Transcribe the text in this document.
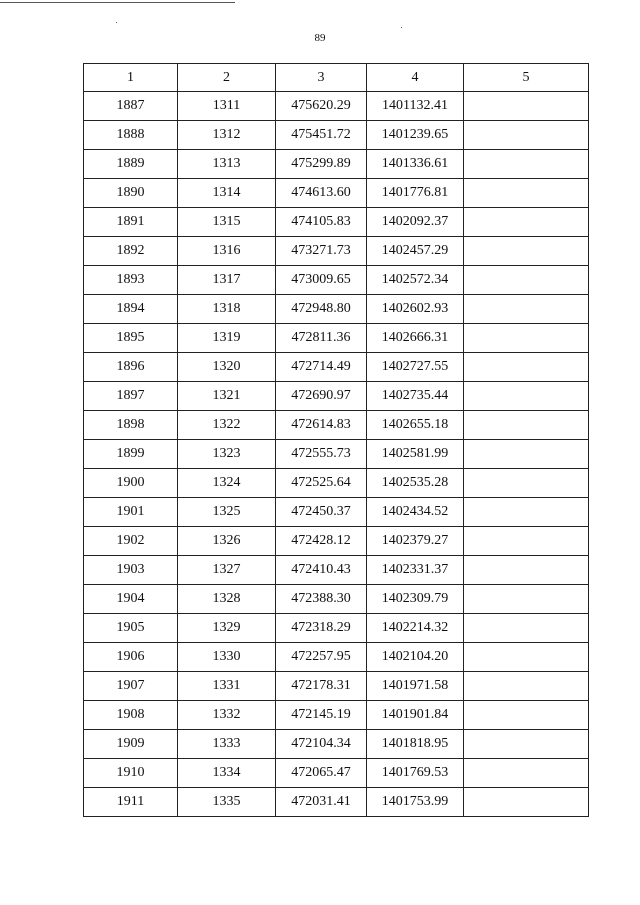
89
1	2	3	4	5
1887	1311	475620.29	1401132.41	
1888	1312	475451.72	1401239.65	
1889	1313	475299.89	1401336.61	
1890	1314	474613.60	1401776.81	
1891	1315	474105.83	1402092.37	
1892	1316	473271.73	1402457.29	
1893	1317	473009.65	1402572.34	
1894	1318	472948.80	1402602.93	
1895	1319	472811.36	1402666.31	
1896	1320	472714.49	1402727.55	
1897	1321	472690.97	1402735.44	
1898	1322	472614.83	1402655.18	
1899	1323	472555.73	1402581.99	
1900	1324	472525.64	1402535.28	
1901	1325	472450.37	1402434.52	
1902	1326	472428.12	1402379.27	
1903	1327	472410.43	1402331.37	
1904	1328	472388.30	1402309.79	
1905	1329	472318.29	1402214.32	
1906	1330	472257.95	1402104.20	
1907	1331	472178.31	1401971.58	
1908	1332	472145.19	1401901.84	
1909	1333	472104.34	1401818.95	
1910	1334	472065.47	1401769.53	
1911	1335	472031.41	1401753.99	
